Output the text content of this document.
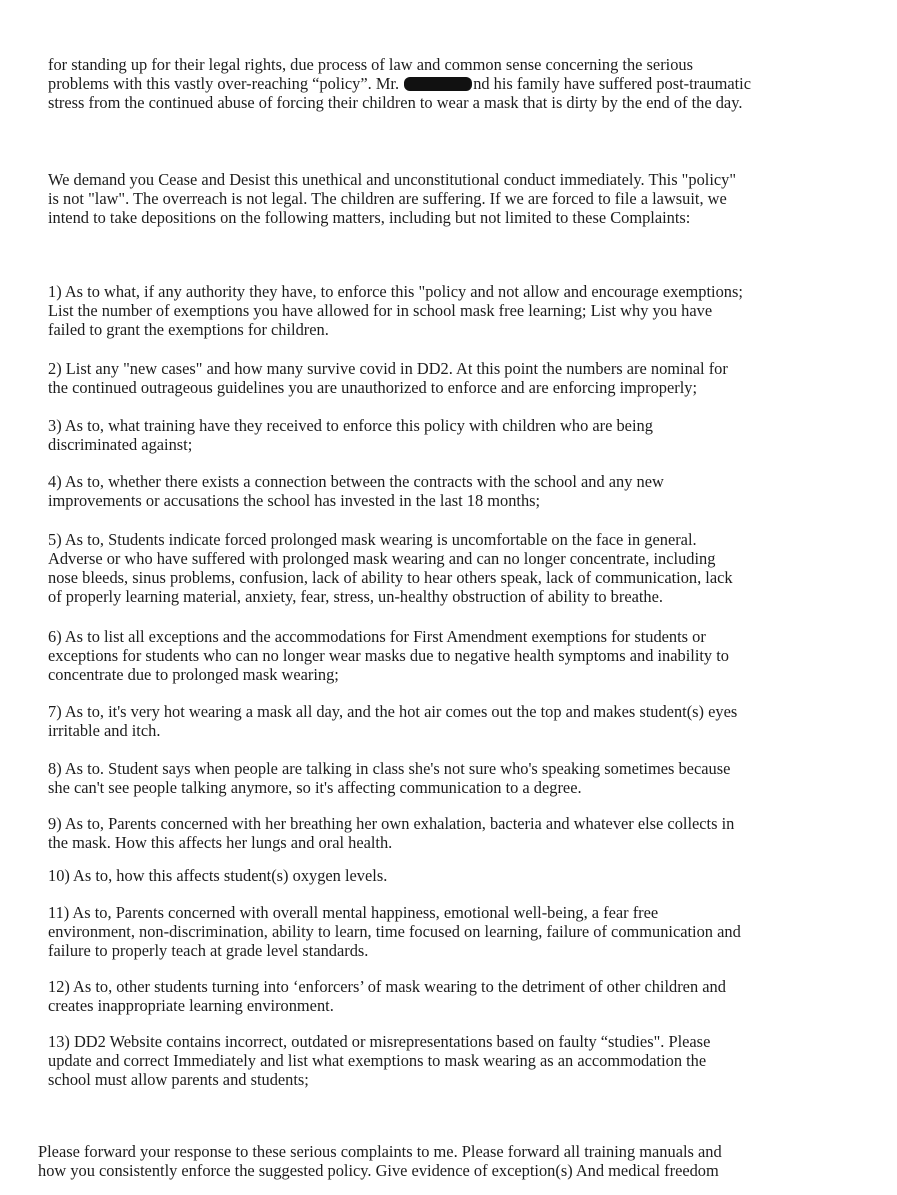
for standing up for their legal rights, due process of law and common sense concerning the serious
problems with this vastly over-reaching “policy”. Mr.	nd his family have suffered post-traumatic
stress from the continued abuse of forcing their children to wear a mask that is dirty by the end of the day.

We demand you Cease and Desist this unethical and unconstitutional conduct immediately. This "policy"
is not "law". The overreach is not legal. The children are suffering. If we are forced to file a lawsuit, we
intend to take depositions on the following matters, including but not limited to these Complaints:

1) As to what, if any authority they have, to enforce this "policy and not allow and encourage exemptions;
List the number of exemptions you have allowed for in school mask free learning; List why you have
failed to grant the exemptions for children.

2) List any "new cases" and how many survive covid in DD2. At this point the numbers are nominal for
the continued outrageous guidelines you are unauthorized to enforce and are enforcing improperly;

3) As to, what training have they received to enforce this policy with children who are being
discriminated against;

4) As to, whether there exists a connection between the contracts with the school and any new
improvements or accusations the school has invested in the last 18 months;

5) As to, Students indicate forced prolonged mask wearing is uncomfortable on the face in general.
Adverse or who have suffered with prolonged mask wearing and can no longer concentrate, including
nose bleeds, sinus problems, confusion, lack of ability to hear others speak, lack of communication, lack
of properly learning material, anxiety, fear, stress, un-healthy obstruction of ability to breathe.

6) As to list all exceptions and the accommodations for First Amendment exemptions for students or
exceptions for students who can no longer wear masks due to negative health symptoms and inability to
concentrate due to prolonged mask wearing;

7) As to, it's very hot wearing a mask all day, and the hot air comes out the top and makes student(s) eyes
irritable and itch.

8) As to. Student says when people are talking in class she's not sure who's speaking sometimes because
she can't see people talking anymore, so it's affecting communication to a degree.

9) As to, Parents concerned with her breathing her own exhalation, bacteria and whatever else collects in
the mask. How this affects her lungs and oral health.

10) As to, how this affects student(s) oxygen levels.

11) As to, Parents concerned with overall mental happiness, emotional well-being, a fear free
environment, non-discrimination, ability to learn, time focused on learning, failure of communication and
failure to properly teach at grade level standards.

12) As to, other students turning into ‘enforcers’ of mask wearing to the detriment of other children and
creates inappropriate learning environment.

13) DD2 Website contains incorrect, outdated or misrepresentations based on faulty “studies". Please
update and correct Immediately and list what exemptions to mask wearing as an accommodation the
school must allow parents and students;

Please forward your response to these serious complaints to me. Please forward all training manuals and
how you consistently enforce the suggested policy. Give evidence of exception(s) And medical freedom
